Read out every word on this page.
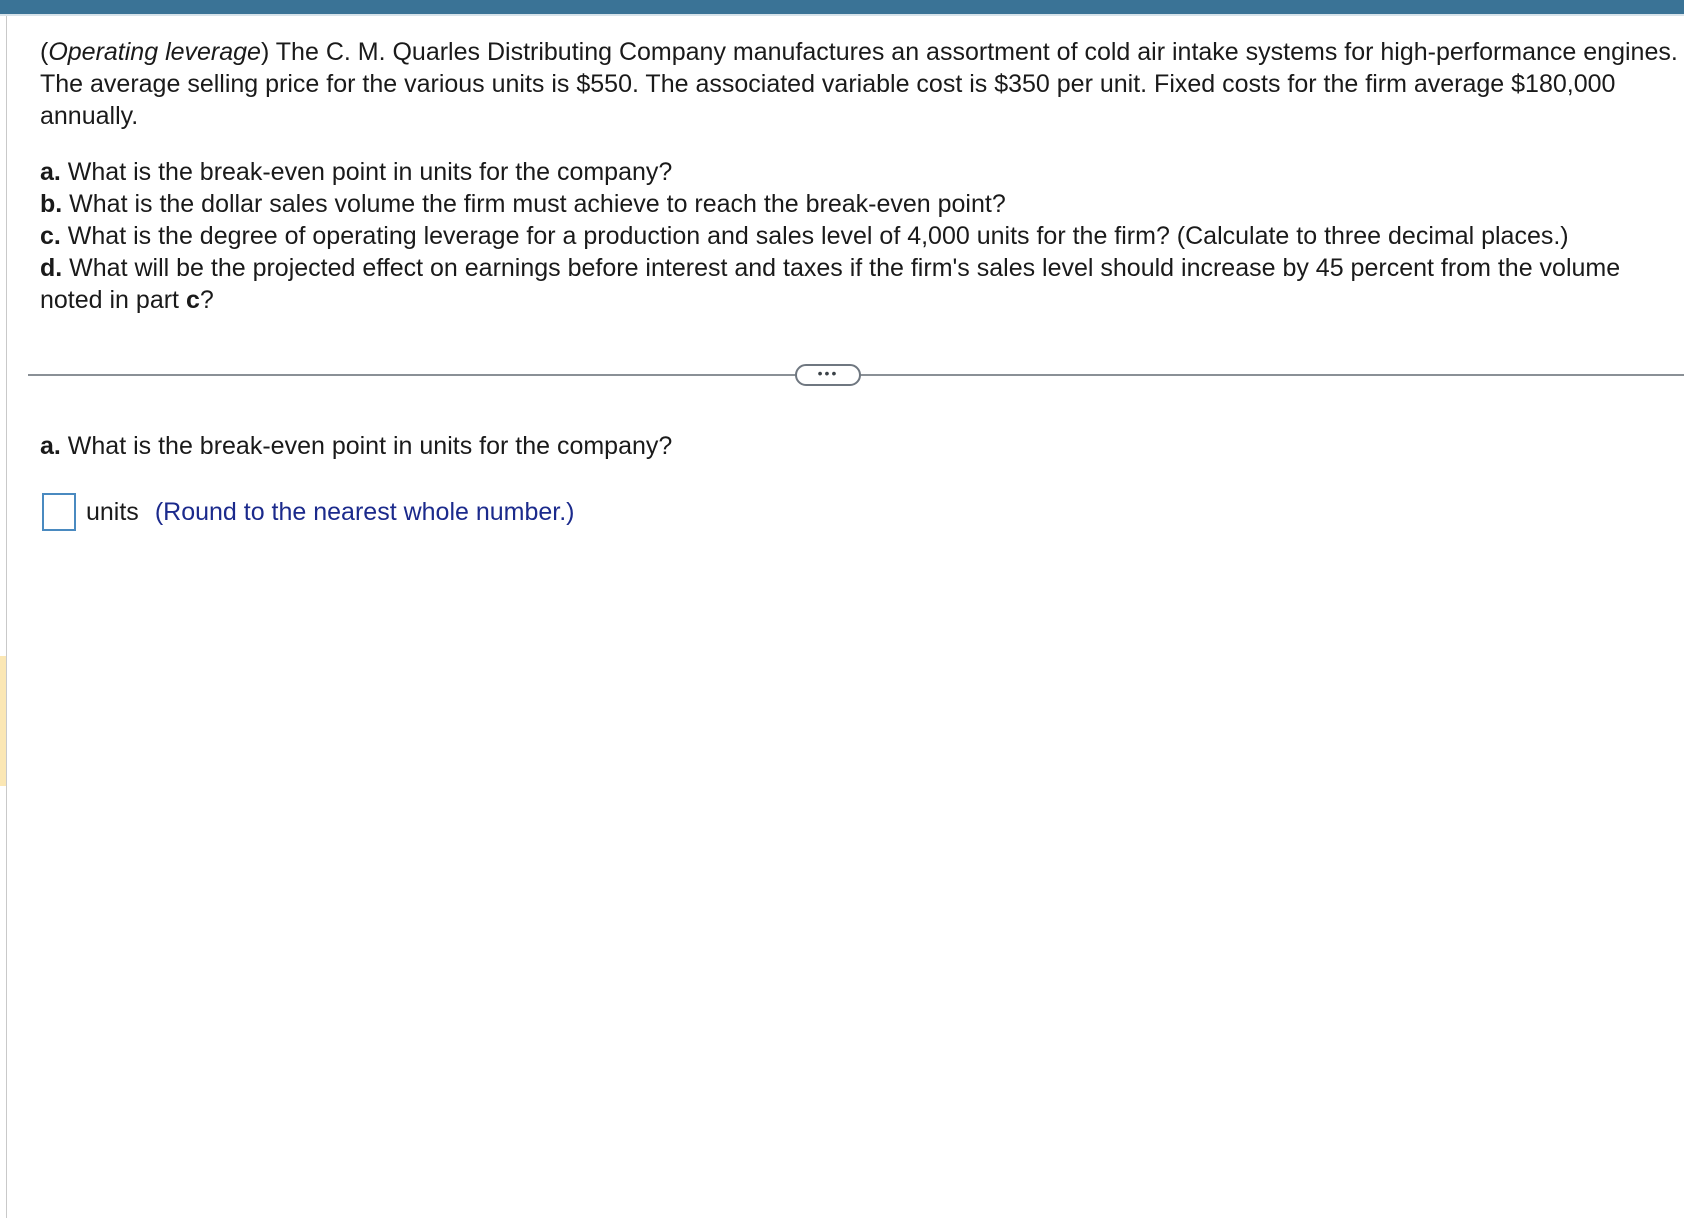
(Operating leverage) The C. M. Quarles Distributing Company manufactures an assortment of cold air intake systems for high-performance engines. The average selling price for the various units is $550. The associated variable cost is $350 per unit. Fixed costs for the firm average $180,000 annually.

a. What is the break-even point in units for the company?

b. What is the dollar sales volume the firm must achieve to reach the break-even point?

c. What is the degree of operating leverage for a production and sales level of 4,000 units for the firm? (Calculate to three decimal places.)

d. What will be the projected effect on earnings before interest and taxes if the firm's sales level should increase by 45 percent from the volume noted in part c?

•••

a. What is the break-even point in units for the company?

units (Round to the nearest whole number.)
